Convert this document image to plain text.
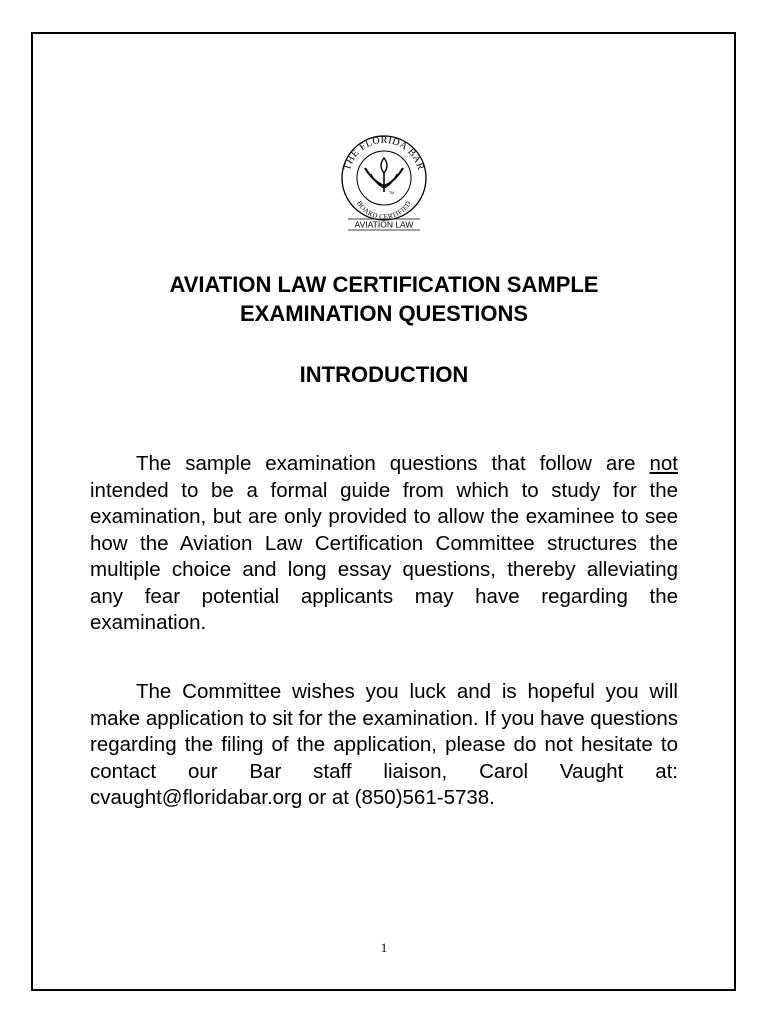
THE FLORIDA BAR
BOARD CERTIFIED
TM
AVIATION LAW
AVIATION LAW CERTIFICATION SAMPLE
EXAMINATION QUESTIONS
INTRODUCTION

The sample examination questions that follow are not intended to be a formal guide from which to study for the examination, but are only provided to allow the examinee to see how the Aviation Law Certification Committee structures the multiple choice and long essay questions, thereby alleviating any fear potential applicants may have regarding the examination.

The Committee wishes you luck and is hopeful you will make application to sit for the examination. If you have questions regarding the filing of the application, please do not hesitate to contact our Bar staff liaison, Carol Vaught at: cvaught@floridabar.org or at (850)561-5738.

1
